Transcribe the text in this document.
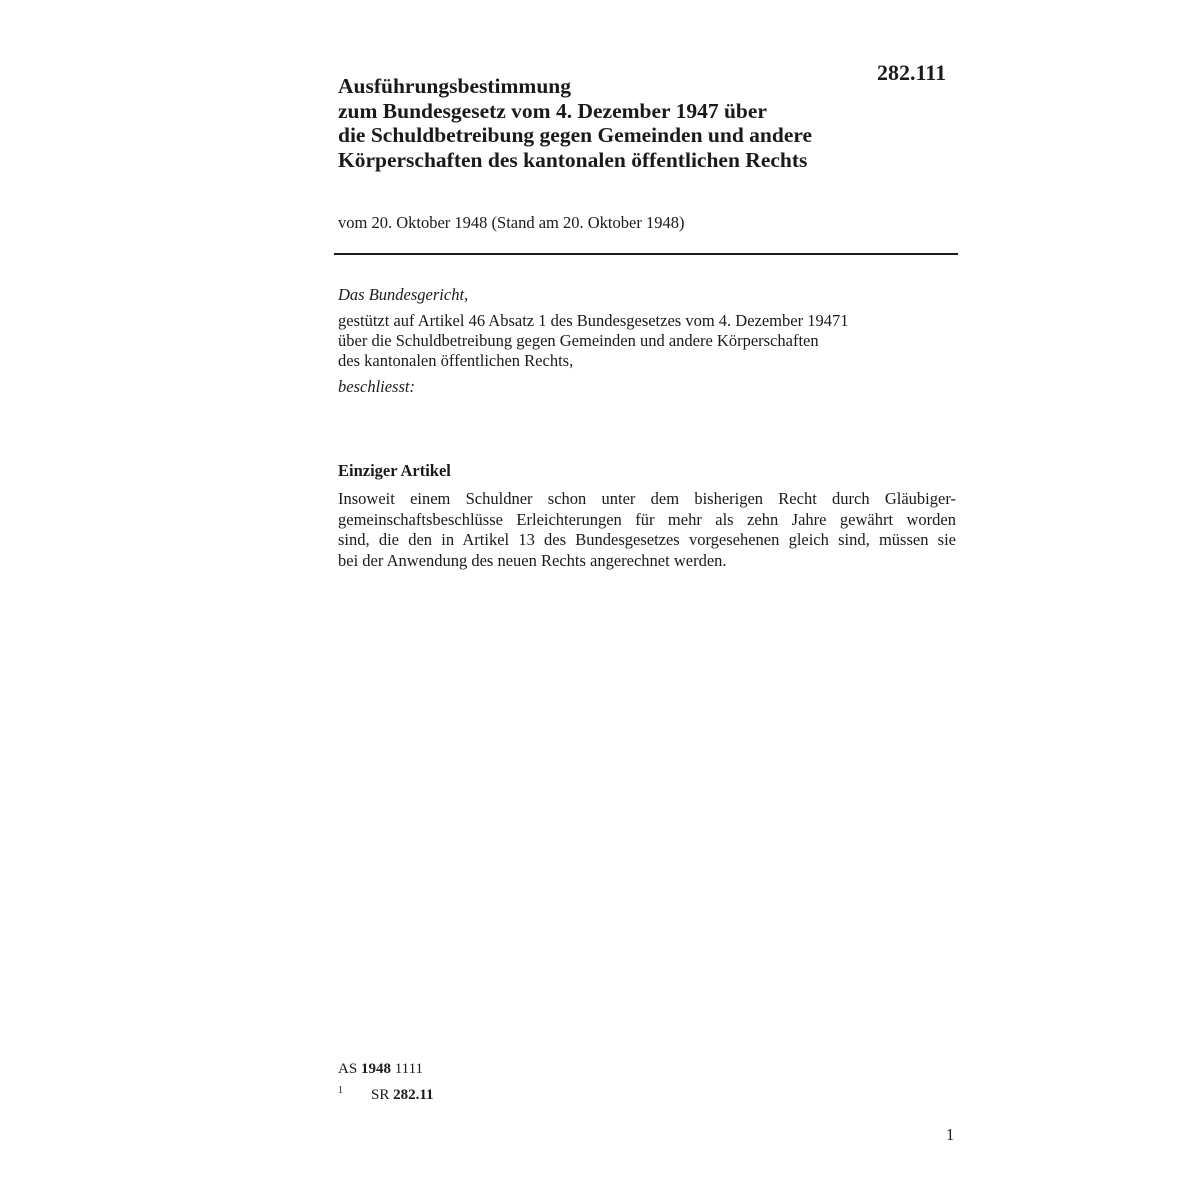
282.111
Ausführungsbestimmung
zum Bundesgesetz vom 4. Dezember 1947 über
die Schuldbetreibung gegen Gemeinden und andere
Körperschaften des kantonalen öffentlichen Rechts
vom 20. Oktober 1948 (Stand am 20. Oktober 1948)
Das Bundesgericht,
gestützt auf Artikel 46 Absatz 1 des Bundesgesetzes vom 4. Dezember 19471
über die Schuldbetreibung gegen Gemeinden und andere Körperschaften
des kantonalen öffentlichen Rechts,
beschliesst:
Einziger Artikel
Insoweit einem Schuldner schon unter dem bisherigen Recht durch Gläubiger-
gemeinschaftsbeschlüsse Erleichterungen für mehr als zehn Jahre gewährt worden
sind, die den in Artikel 13 des Bundesgesetzes vorgesehenen gleich sind, müssen sie
bei der Anwendung des neuen Rechts angerechnet werden.
AS 1948 1111
1 SR 282.11
1
